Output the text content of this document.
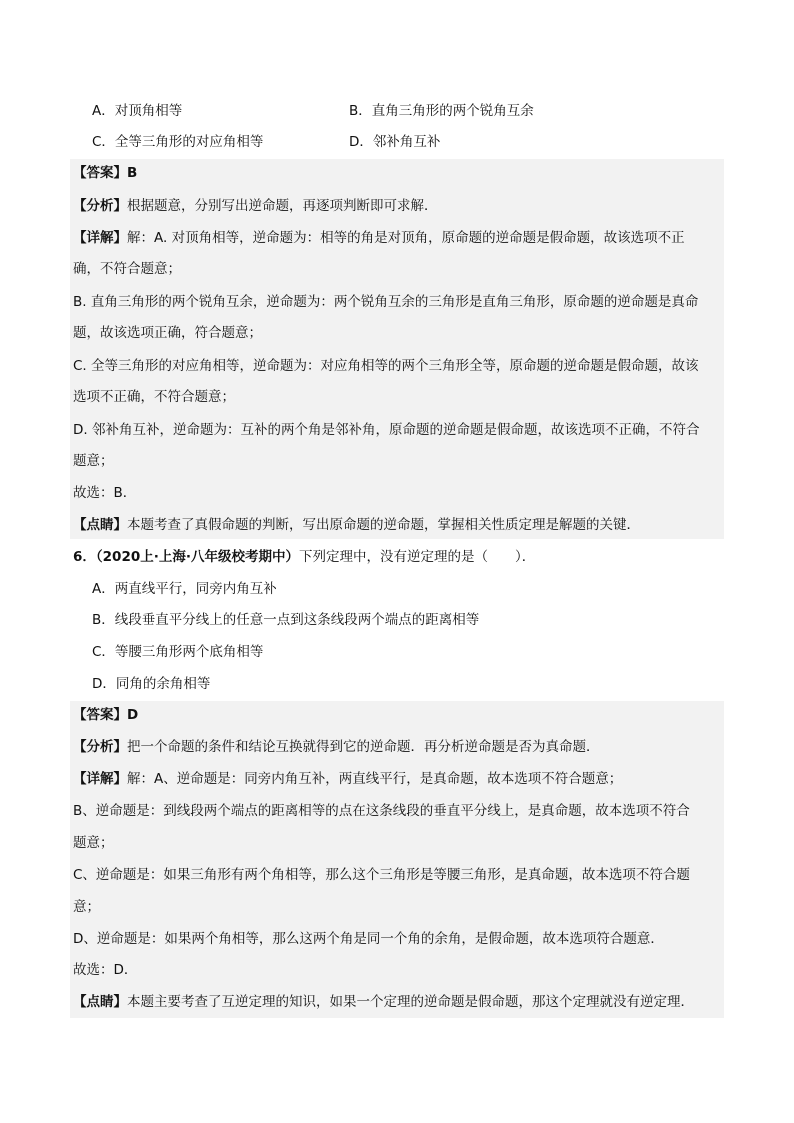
A．对顶角相等	B．直角三角形的两个锐角互余
C．全等三角形的对应角相等	D．邻补角互补
【答案】B
【分析】根据题意，分别写出逆命题，再逐项判断即可求解．
【详解】解：A. 对顶角相等，逆命题为：相等的角是对顶角，原命题的逆命题是假命题，故该选项不正
确，不符合题意；
B. 直角三角形的两个锐角互余，逆命题为：两个锐角互余的三角形是直角三角形，原命题的逆命题是真命
题，故该选项正确，符合题意；
C. 全等三角形的对应角相等，逆命题为：对应角相等的两个三角形全等，原命题的逆命题是假命题，故该
选项不正确，不符合题意；
D. 邻补角互补，逆命题为：互补的两个角是邻补角，原命题的逆命题是假命题，故该选项不正确，不符合
题意；
故选：B．
【点睛】本题考查了真假命题的判断，写出原命题的逆命题，掌握相关性质定理是解题的关键．
6．（2020上·上海·八年级校考期中）下列定理中，没有逆定理的是（　　）．
A．两直线平行，同旁内角互补
B．线段垂直平分线上的任意一点到这条线段两个端点的距离相等
C．等腰三角形两个底角相等
D．同角的余角相等
【答案】D
【分析】把一个命题的条件和结论互换就得到它的逆命题．再分析逆命题是否为真命题．
【详解】解：A、逆命题是：同旁内角互补，两直线平行，是真命题，故本选项不符合题意；
B、逆命题是：到线段两个端点的距离相等的点在这条线段的垂直平分线上，是真命题，故本选项不符合
题意；
C、逆命题是：如果三角形有两个角相等，那么这个三角形是等腰三角形，是真命题，故本选项不符合题
意；
D、逆命题是：如果两个角相等，那么这两个角是同一个角的余角，是假命题，故本选项符合题意．
故选：D．
【点睛】本题主要考查了互逆定理的知识，如果一个定理的逆命题是假命题，那这个定理就没有逆定理．
